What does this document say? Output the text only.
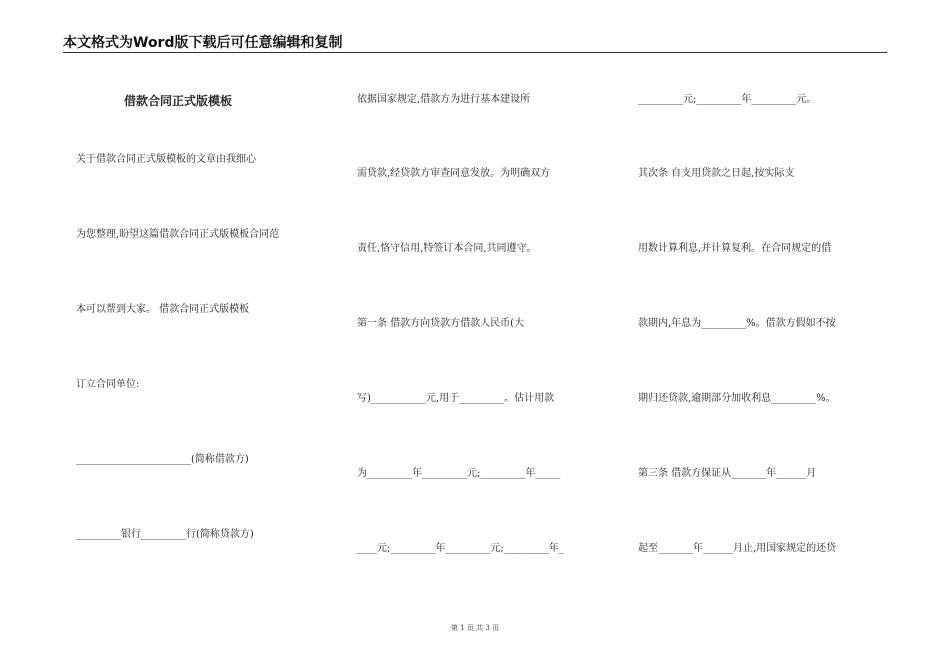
本文格式为Word版下载后可任意编辑和复制
借款合同正式版模板
关于借款合同正式版模板的文章由我细心
为您整理,盼望这篇借款合同正式版模板合同范
本可以帮到大家。 借款合同正式版模板
订立合同单位:
_______________________(简称借款方)
_________银行_________行(简称贷款方)
依据国家规定,借款方为进行基本建设所
需贷款,经贷款方审查同意发放。为明确双方
责任,恪守信用,特签订本合同,共同遵守。
第一条 借款方向贷款方借款人民币(大
写)___________元,用于_________。估计用款
为_________年_________元;_________年_____
____元;_________年_________元;_________年_
_________元;_________年_________元。
其次条 自支用贷款之日起,按实际支
用数计算利息,并计算复利。在合同规定的借
款期内,年息为_________%。借款方假如不按
期归还贷款,逾期部分加收利息_________%。
第三条 借款方保证从_______年______月
起至_______年______月止,用国家规定的还贷
第 1 页 共 3 页
